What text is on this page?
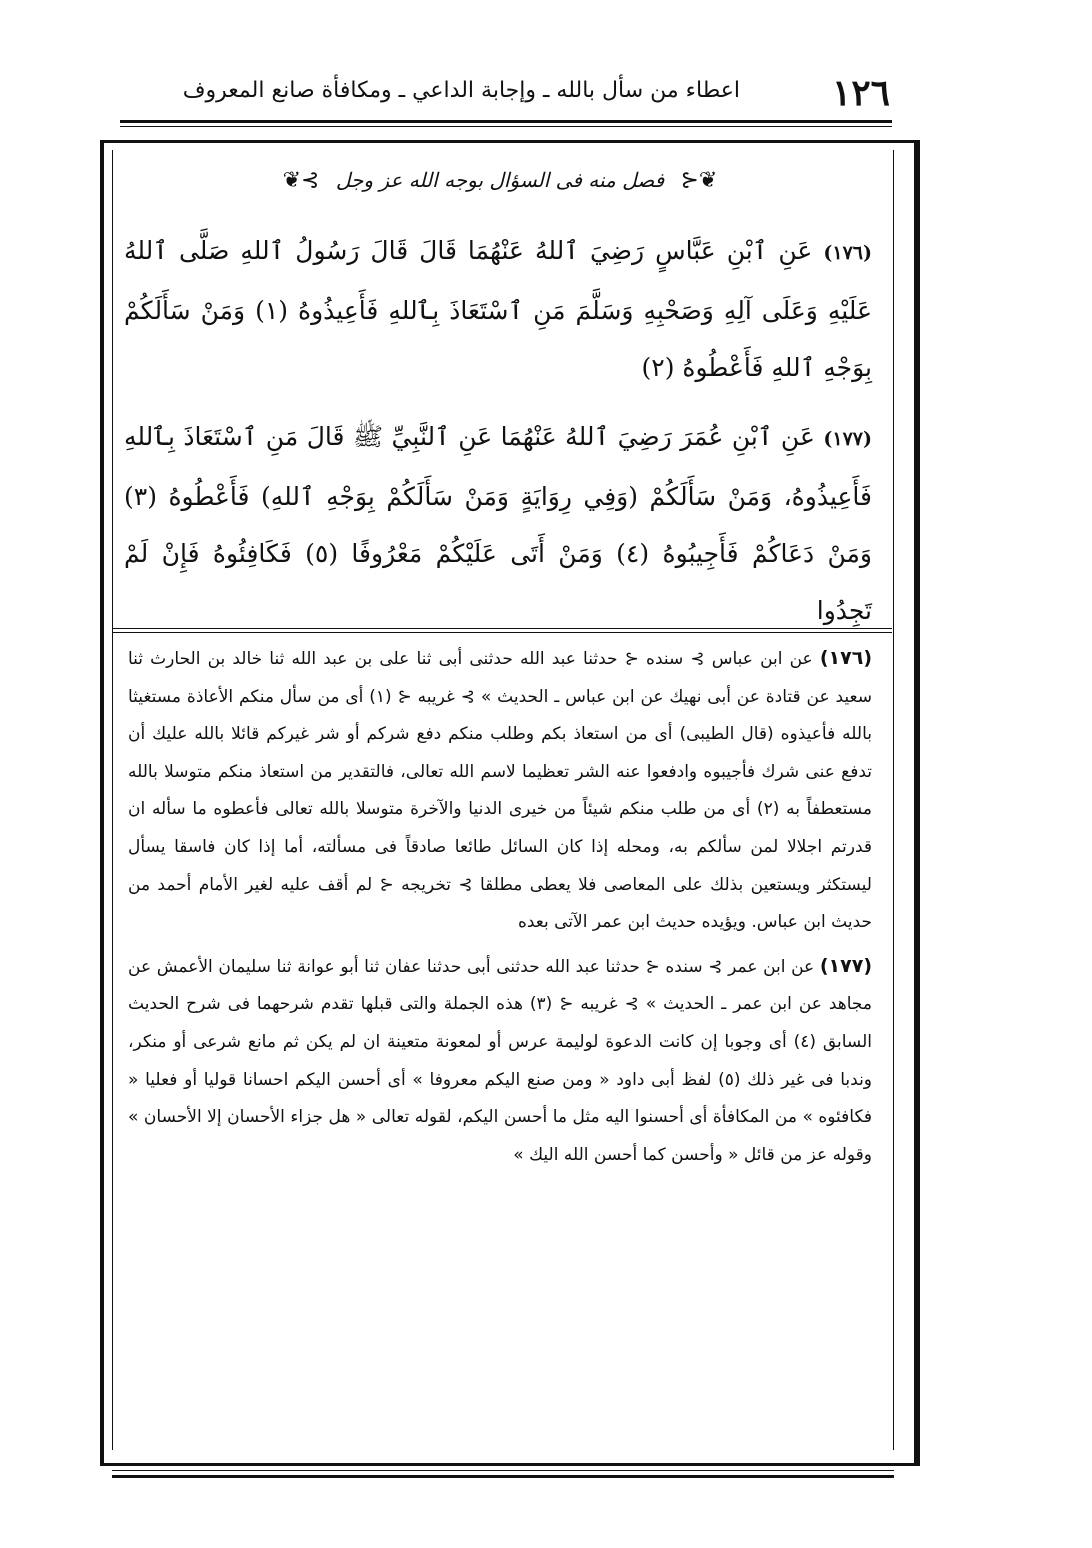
١٢٦
اعطاء من سأل بالله ـ وإجابة الداعي ـ ومكافأة صانع المعروف
❦⊰ فصل منه فى السؤال بوجه الله عز وجل ⊱❦

(١٧٦) عَنِ ٱبْنِ عَبَّاسٍ رَضِيَ ٱللهُ عَنْهُمَا قَالَ قَالَ رَسُولُ ٱللهِ صَلَّى ٱللهُ عَلَيْهِ وَعَلَى آلِهِ وَصَحْبِهِ وَسَلَّمَ مَنِ ٱسْتَعَاذَ بِٱللهِ فَأَعِيذُوهُ (١) وَمَنْ سَأَلَكُمْ بِوَجْهِ ٱللهِ فَأَعْطُوهُ (٢)

(١٧٧) عَنِ ٱبْنِ عُمَرَ رَضِيَ ٱللهُ عَنْهُمَا عَنِ ٱلنَّبِيِّ ﷺ قَالَ مَنِ ٱسْتَعَاذَ بِٱللهِ فَأَعِيذُوهُ، وَمَنْ سَأَلَكُمْ (وَفِي رِوَايَةٍ وَمَنْ سَأَلَكُمْ بِوَجْهِ ٱللهِ) فَأَعْطُوهُ (٣) وَمَنْ دَعَاكُمْ فَأَجِيبُوهُ (٤) وَمَنْ أَتَى عَلَيْكُمْ مَعْرُوفًا (٥) فَكَافِئُوهُ فَإِنْ لَمْ تَجِدُوا

(١٧٦) عن ابن عباس ⊱ سنده ⊰ حدثنا عبد الله حدثنى أبى ثنا على بن عبد الله ثنا خالد بن الحارث ثنا سعيد عن قتادة عن أبى نهيك عن ابن عباس ـ الحديث » ⊱ غريبه ⊰ (١) أى من سأل منكم الأعاذة مستغيثا بالله فأعيذوه (قال الطيبى) أى من استعاذ بكم وطلب منكم دفع شركم أو شر غيركم قائلا بالله عليك أن تدفع عنى شرك فأجيبوه وادفعوا عنه الشر تعظيما لاسم الله تعالى، فالتقدير من استعاذ منكم متوسلا بالله مستعطفاً به (٢) أى من طلب منكم شيئاً من خيرى الدنيا والآخرة متوسلا بالله تعالى فأعطوه ما سأله ان قدرتم اجلالا لمن سألكم به، ومحله إذا كان السائل طائعا صادقاً فى مسألته، أما إذا كان فاسقا يسأل ليستكثر ويستعين بذلك على المعاصى فلا يعطى مطلقا ⊱ تخريجه ⊰ لم أقف عليه لغير الأمام أحمد من حديث ابن عباس. ويؤيده حديث ابن عمر الآتى بعده

(١٧٧) عن ابن عمر ⊱ سنده ⊰ حدثنا عبد الله حدثنى أبى حدثنا عفان ثنا أبو عوانة ثنا سليمان الأعمش عن مجاهد عن ابن عمر ـ الحديث » ⊱ غريبه ⊰ (٣) هذه الجملة والتى قبلها تقدم شرحهما فى شرح الحديث السابق (٤) أى وجوبا إن كانت الدعوة لوليمة عرس أو لمعونة متعينة ان لم يكن ثم مانع شرعى أو منكر، وندبا فى غير ذلك (٥) لفظ أبى داود « ومن صنع اليكم معروفا » أى أحسن اليكم احسانا قوليا أو فعليا « فكافئوه » من المكافأة أى أحسنوا اليه مثل ما أحسن اليكم، لقوله تعالى « هل جزاء الأحسان إلا الأحسان » وقوله عز من قائل « وأحسن كما أحسن الله اليك »
